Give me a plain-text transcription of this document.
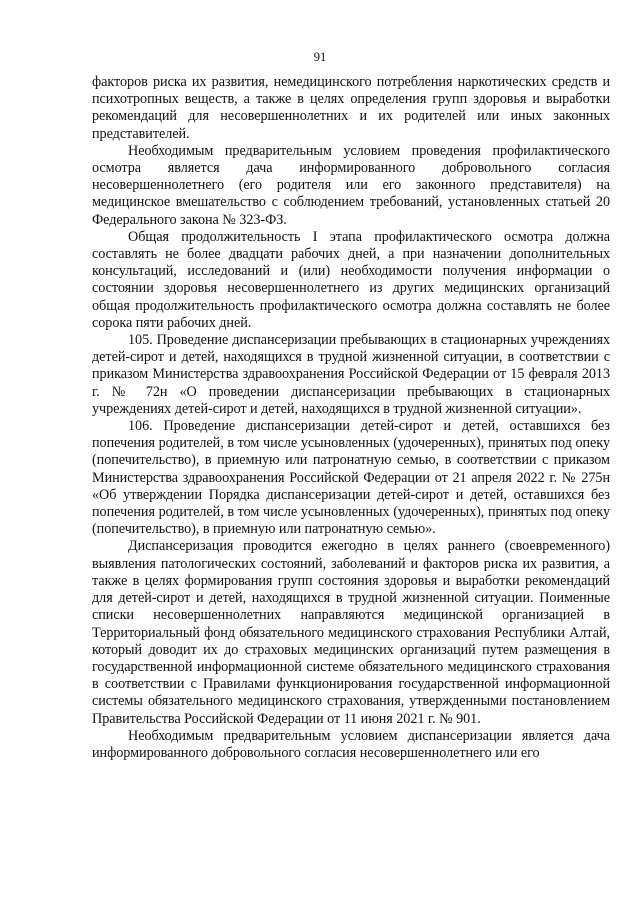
91

факторов риска их развития, немедицинского потребления наркотических средств и психотропных веществ, а также в целях определения групп здоровья и выработки рекомендаций для несовершеннолетних и их родителей или иных законных представителей.

Необходимым предварительным условием проведения профилактического осмотра является дача информированного добровольного согласия несовершеннолетнего (его родителя или его законного представителя) на медицинское вмешательство с соблюдением требований, установленных статьей 20 Федерального закона № 323-ФЗ.

Общая продолжительность I этапа профилактического осмотра должна составлять не более двадцати рабочих дней, а при назначении дополнительных консультаций, исследований и (или) необходимости получения информации о состоянии здоровья несовершеннолетнего из других медицинских организаций общая продолжительность профилактического осмотра должна составлять не более сорока пяти рабочих дней.

105. Проведение диспансеризации пребывающих в стационарных учреждениях детей-сирот и детей, находящихся в трудной жизненной ситуации, в соответствии с приказом Министерства здравоохранения Российской Федерации от 15 февраля 2013 г. № 72н «О проведении диспансеризации пребывающих в стационарных учреждениях детей-сирот и детей, находящихся в трудной жизненной ситуации».

106. Проведение диспансеризации детей-сирот и детей, оставшихся без попечения родителей, в том числе усыновленных (удочеренных), принятых под опеку (попечительство), в приемную или патронатную семью, в соответствии с приказом Министерства здравоохранения Российской Федерации от 21 апреля 2022 г. № 275н «Об утверждении Порядка диспансеризации детей-сирот и детей, оставшихся без попечения родителей, в том числе усыновленных (удочеренных), принятых под опеку (попечительство), в приемную или патронатную семью».

Диспансеризация проводится ежегодно в целях раннего (своевременного) выявления патологических состояний, заболеваний и факторов риска их развития, а также в целях формирования групп состояния здоровья и выработки рекомендаций для детей-сирот и детей, находящихся в трудной жизненной ситуации. Поименные списки несовершеннолетних направляются медицинской организацией в Территориальный фонд обязательного медицинского страхования Республики Алтай, который доводит их до страховых медицинских организаций путем размещения в государственной информационной системе обязательного медицинского страхования в соответствии с Правилами функционирования государственной информационной системы обязательного медицинского страхования, утвержденными постановлением Правительства Российской Федерации от 11 июня 2021 г. № 901.

Необходимым предварительным условием диспансеризации является дача информированного добровольного согласия несовершеннолетнего или его
